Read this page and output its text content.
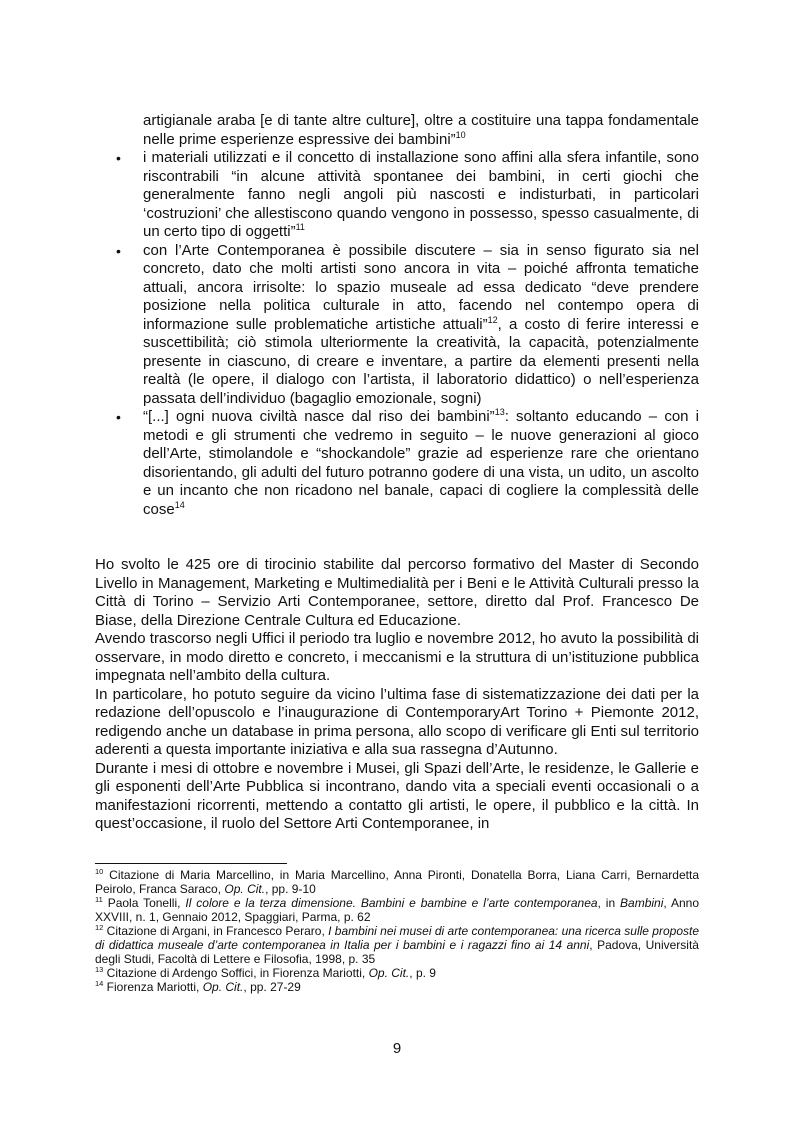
artigianale araba [e di tante altre culture], oltre a costituire una tappa fondamentale nelle prime esperienze espressive dei bambini”$^{10}$

• i materiali utilizzati e il concetto di installazione sono affini alla sfera infantile, sono riscontrabili “in alcune attività spontanee dei bambini, in certi giochi che generalmente fanno negli angoli più nascosti e indisturbati, in particolari ‘costruzioni’ che allestiscono quando vengono in possesso, spesso casualmente, di un certo tipo di oggetti”$^{11}$

• con l’Arte Contemporanea è possibile discutere – sia in senso figurato sia nel concreto, dato che molti artisti sono ancora in vita – poiché affronta tematiche attuali, ancora irrisolte: lo spazio museale ad essa dedicato “deve prendere posizione nella politica culturale in atto, facendo nel contempo opera di informazione sulle problematiche artistiche attuali”$^{12}$, a costo di ferire interessi e suscettibilità; ciò stimola ulteriormente la creatività, la capacità, potenzialmente presente in ciascuno, di creare e inventare, a partire da elementi presenti nella realtà (le opere, il dialogo con l’artista, il laboratorio didattico) o nell’esperienza passata dell’individuo (bagaglio emozionale, sogni)

• “[...] ogni nuova civiltà nasce dal riso dei bambini”$^{13}$: soltanto educando – con i metodi e gli strumenti che vedremo in seguito – le nuove generazioni al gioco dell’Arte, stimolandole e “shockandole” grazie ad esperienze rare che orientano disorientando, gli adulti del futuro potranno godere di una vista, un udito, un ascolto e un incanto che non ricadono nel banale, capaci di cogliere la complessità delle cose$^{14}$

Ho svolto le 425 ore di tirocinio stabilite dal percorso formativo del Master di Secondo Livello in Management, Marketing e Multimedialità per i Beni e le Attività Culturali presso la Città di Torino – Servizio Arti Contemporanee, settore, diretto dal Prof. Francesco De Biase, della Direzione Centrale Cultura ed Educazione.

Avendo trascorso negli Uffici il periodo tra luglio e novembre 2012, ho avuto la possibilità di osservare, in modo diretto e concreto, i meccanismi e la struttura di un’istituzione pubblica impegnata nell’ambito della cultura.

In particolare, ho potuto seguire da vicino l’ultima fase di sistematizzazione dei dati per la redazione dell’opuscolo e l’inaugurazione di ContemporaryArt Torino + Piemonte 2012, redigendo anche un database in prima persona, allo scopo di verificare gli Enti sul territorio aderenti a questa importante iniziativa e alla sua rassegna d’Autunno.

Durante i mesi di ottobre e novembre i Musei, gli Spazi dell’Arte, le residenze, le Gallerie e gli esponenti dell’Arte Pubblica si incontrano, dando vita a speciali eventi occasionali o a manifestazioni ricorrenti, mettendo a contatto gli artisti, le opere, il pubblico e la città. In quest’occasione, il ruolo del Settore Arti Contemporanee, in

$^{10}$ Citazione di Maria Marcellino, in Maria Marcellino, Anna Pironti, Donatella Borra, Liana Carri, Bernardetta Peirolo, Franca Saraco, Op. Cit., pp. 9-10

$^{11}$ Paola Tonelli, Il colore e la terza dimensione. Bambini e bambine e l’arte contemporanea, in Bambini, Anno XXVIII, n. 1, Gennaio 2012, Spaggiari, Parma, p. 62

$^{12}$ Citazione di Argani, in Francesco Peraro, I bambini nei musei di arte contemporanea: una ricerca sulle proposte di didattica museale d’arte contemporanea in Italia per i bambini e i ragazzi fino ai 14 anni, Padova, Università degli Studi, Facoltà di Lettere e Filosofia, 1998, p. 35

$^{13}$ Citazione di Ardengo Soffici, in Fiorenza Mariotti, Op. Cit., p. 9

$^{14}$ Fiorenza Mariotti, Op. Cit., pp. 27-29

9
